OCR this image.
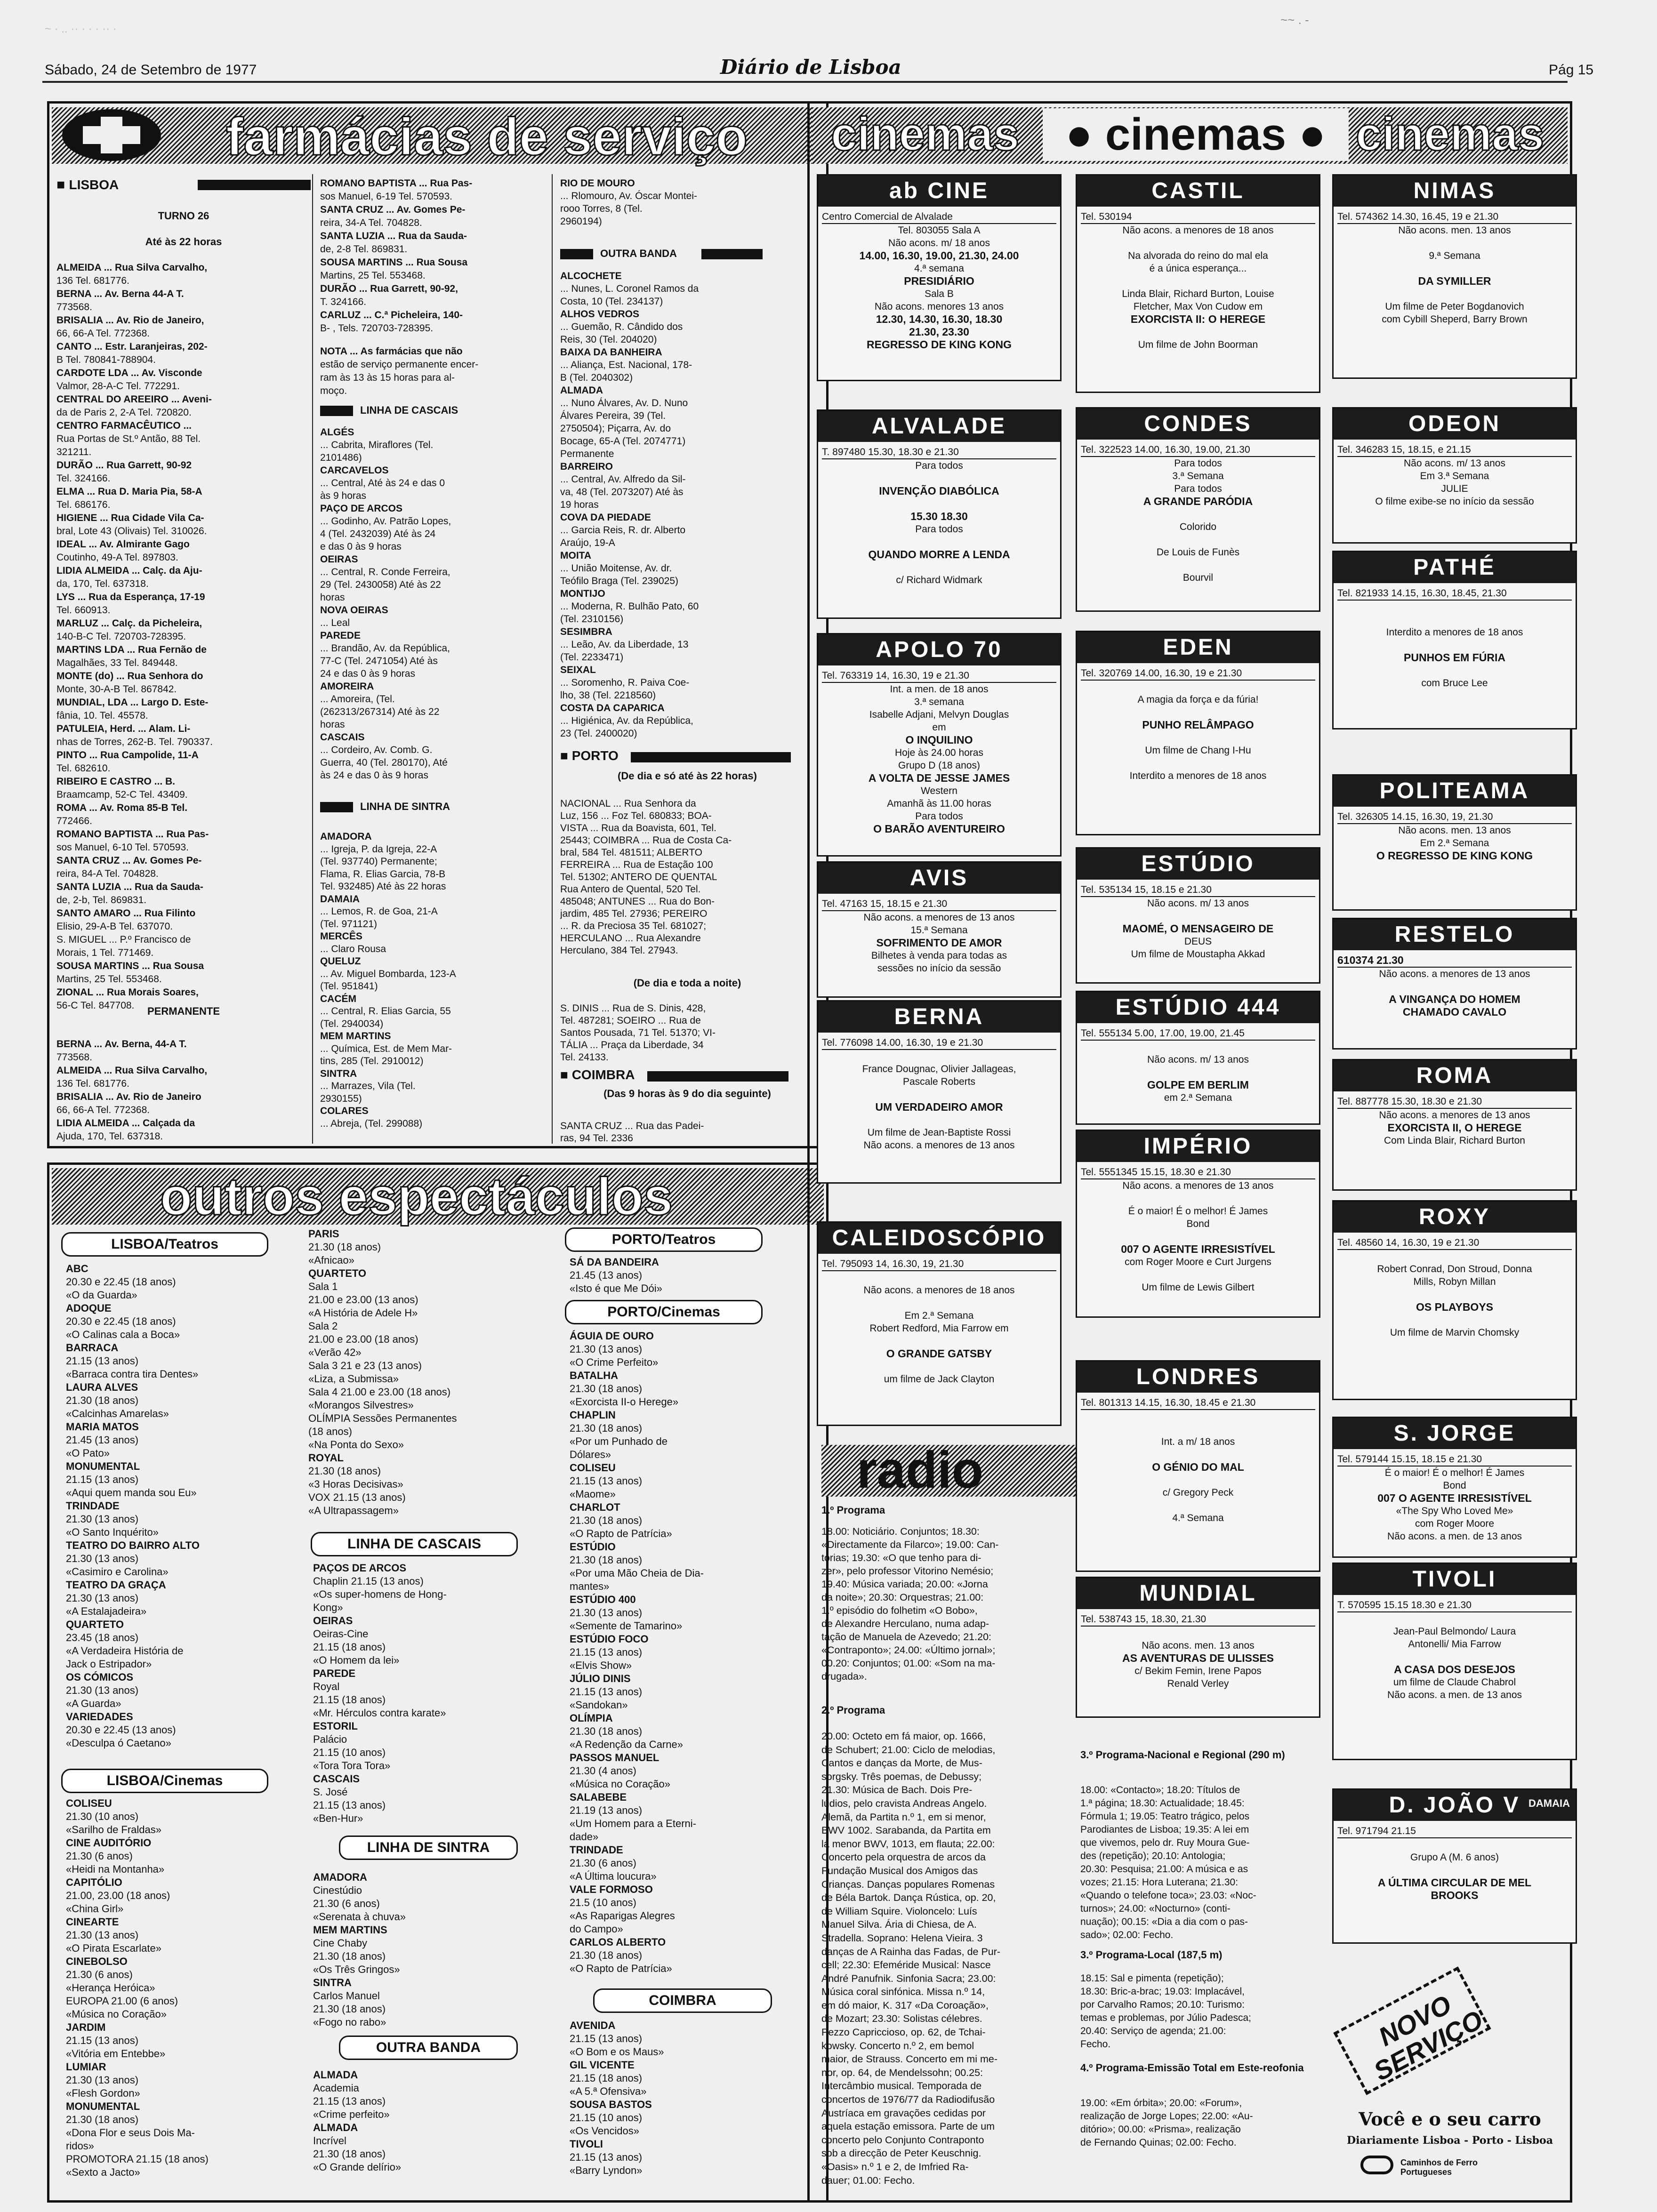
~ · .. ·· · · · ·· ·
~~ . -
Sábado, 24 de Setembro de 1977	Diário de Lisboa	Pág 15
farmácias de serviço
■ LISBOA
TURNO 26
Até às 22 horas
ALMEIDA ... Rua Silva Carvalho,
136 Tel. 681776.
BERNA ... Av. Berna 44-A T.
773568.
BRISALIA ... Av. Rio de Janeiro,
66, 66-A Tel. 772368.
CANTO ... Estr. Laranjeiras, 202-
B Tel. 780841-788904.
CARDOTE LDA ... Av. Visconde
Valmor, 28-A-C Tel. 772291.
CENTRAL DO AREEIRO ... Aveni-
da de Paris 2, 2-A Tel. 720820.
CENTRO FARMACÊUTICO ...
Rua Portas de St.º Antão, 88 Tel.
321211.
DURÃO ... Rua Garrett, 90-92
Tel. 324166.
ELMA ... Rua D. Maria Pia, 58-A
Tel. 686176.
HIGIENE ... Rua Cidade Vila Ca-
bral, Lote 43 (Olivais) Tel. 310026.
IDEAL ... Av. Almirante Gago
Coutinho, 49-A Tel. 897803.
LIDIA ALMEIDA ... Calç. da Aju-
da, 170, Tel. 637318.
LYS ... Rua da Esperança, 17-19
Tel. 660913.
MARLUZ ... Calç. da Picheleira,
140-B-C Tel. 720703-728395.
MARTINS LDA ... Rua Fernão de
Magalhães, 33 Tel. 849448.
MONTE (do) ... Rua Senhora do
Monte, 30-A-B Tel. 867842.
MUNDIAL, LDA ... Largo D. Este-
fânia, 10. Tel. 45578.
PATULEIA, Herd. ... Alam. Li-
nhas de Torres, 262-B. Tel. 790337.
PINTO ... Rua Campolide, 11-A
Tel. 682610.
RIBEIRO E CASTRO ... B.
Braamcamp, 52-C Tel. 43409.
ROMA ... Av. Roma 85-B Tel.
772466.
ROMANO BAPTISTA ... Rua Pas-
sos Manuel, 6-10 Tel. 570593.
SANTA CRUZ ... Av. Gomes Pe-
reira, 84-A Tel. 704828.
SANTA LUZIA ... Rua da Sauda-
de, 2-b, Tel. 869831.
SANTO AMARO ... Rua Filinto
Elisio, 29-A-B Tel. 637070.
S. MIGUEL ... P.º Francisco de
Morais, 1 Tel. 771469.
SOUSA MARTINS ... Rua Sousa
Martins, 25 Tel. 553468.
ZIONAL ... Rua Morais Soares,
56-C Tel. 847708.	PERMANENTE
BERNA ... Av. Berna, 44-A T.
773568.
ALMEIDA ... Rua Silva Carvalho,
136 Tel. 681776.
BRISALIA ... Av. Rio de Janeiro
66, 66-A Tel. 772368.
LIDIA ALMEIDA ... Calçada da
Ajuda, 170, Tel. 637318.
ROMANO BAPTISTA ... Rua Pas-
sos Manuel, 6-19 Tel. 570593.
SANTA CRUZ ... Av. Gomes Pe-
reira, 34-A Tel. 704828.
SANTA LUZIA ... Rua da Sauda-
de, 2-8 Tel. 869831.
SOUSA MARTINS ... Rua Sousa
Martins, 25 Tel. 553468.
DURÃO ... Rua Garrett, 90-92,
T. 324166.
CARLUZ ... C.ª Picheleira, 140-
B- , Tels. 720703-728395.
NOTA ... As farmácias que não
estão de serviço permanente encer-
ram às 13 às 15 horas para al-
moço.
LINHA DE CASCAIS
ALGÉS
... Cabrita, Miraflores (Tel.
2101486)
CARCAVELOS
... Central, Até às 24 e das 0
às 9 horas
PAÇO DE ARCOS
... Godinho, Av. Patrão Lopes,
4 (Tel. 2432039) Até às 24
e das 0 às 9 horas
OEIRAS
... Central, R. Conde Ferreira,
29 (Tel. 2430058) Até às 22
horas
NOVA OEIRAS
... Leal
PAREDE
... Brandão, Av. da República,
77-C (Tel. 2471054) Até às
24 e das 0 às 9 horas
AMOREIRA
... Amoreira, (Tel.
(262313/267314) Até às 22
horas
CASCAIS
... Cordeiro, Av. Comb. G.
Guerra, 40 (Tel. 280170), Até
às 24 e das 0 às 9 horas
LINHA DE SINTRA
AMADORA
... Igreja, P. da Igreja, 22-A
(Tel. 937740) Permanente;
Flama, R. Elias Garcia, 78-B
Tel. 932485) Até às 22 horas
DAMAIA
... Lemos, R. de Goa, 21-A
(Tel. 971121)
MERCÊS
... Claro Rousa
QUELUZ
... Av. Miguel Bombarda, 123-A
(Tel. 951841)
CACÉM
... Central, R. Elias Garcia, 55
(Tel. 2940034)
MEM MARTINS
... Química, Est. de Mem Mar-
tins, 285 (Tel. 2910012)
SINTRA
... Marrazes, Vila (Tel.
2930155)
COLARES
... Abreja, (Tel. 299088)
RIO DE MOURO
... Rlomouro, Av. Óscar Montei-
rooo Torres, 8 (Tel.
2960194)
OUTRA BANDA
ALCOCHETE
... Nunes, L. Coronel Ramos da
Costa, 10 (Tel. 234137)
ALHOS VEDROS
... Guemão, R. Cândido dos
Reis, 30 (Tel. 204020)
BAIXA DA BANHEIRA
... Aliança, Est. Nacional, 178-
B (Tel. 2040302)
ALMADA
... Nuno Álvares, Av. D. Nuno
Álvares Pereira, 39 (Tel.
2750504); Piçarra, Av. do
Bocage, 65-A (Tel. 2074771)
Permanente
BARREIRO
... Central, Av. Alfredo da Sil-
va, 48 (Tel. 2073207) Até às
19 horas
COVA DA PIEDADE
... Garcia Reis, R. dr. Alberto
Araújo, 19-A
MOITA
... União Moitense, Av. dr.
Teófilo Braga (Tel. 239025)
MONTIJO
... Moderna, R. Bulhão Pato, 60
(Tel. 2310156)
SESIMBRA
... Leão, Av. da Liberdade, 13
(Tel. 2233471)
SEIXAL
... Soromenho, R. Paiva Coe-
lho, 38 (Tel. 2218560)
COSTA DA CAPARICA
... Higiénica, Av. da República,
23 (Tel. 2400020)
■ PORTO
(De dia e só até às 22 horas)
NACIONAL ... Rua Senhora da
Luz, 156 ... Foz Tel. 680833; BOA-
VISTA ... Rua da Boavista, 601, Tel.
25443; COIMBRA ... Rua de Costa Ca-
bral, 584 Tel. 481511; ALBERTO
FERREIRA ... Rua de Estação 100
Tel. 51302; ANTERO DE QUENTAL
Rua Antero de Quental, 520 Tel.
485048; ANTUNES ... Rua do Bon-
jardim, 485 Tel. 27936; PEREIRO
... R. da Preciosa 35 Tel. 681027;
HERCULANO ... Rua Alexandre
Herculano, 384 Tel. 27943.
(De dia e toda a noite)
S. DINIS ... Rua de S. Dinis, 428,
Tel. 487281; SOEIRO ... Rua de
Santos Pousada, 71 Tel. 51370; VI-
TÁLIA ... Praça da Liberdade, 34
Tel. 24133.
■ COIMBRA
(Das 9 horas às 9 do dia seguinte)
SANTA CRUZ ... Rua das Padei-
ras, 94 Tel. 2336
outros espectáculos
LISBOA/Teatros
ABC
20.30 e 22.45 (18 anos)
«O da Guarda»
ADOQUE
20.30 e 22.45 (18 anos)
«O Calinas cala a Boca»
BARRACA
21.15 (13 anos)
«Barraca contra tira Dentes»
LAURA ALVES
21.30 (18 anos)
«Calcinhas Amarelas»
MARIA MATOS
21.45 (13 anos)
«O Pato»
MONUMENTAL
21.15 (13 anos)
«Aqui quem manda sou Eu»
TRINDADE
21.30 (13 anos)
«O Santo Inquérito»
TEATRO DO BAIRRO ALTO
21.30 (13 anos)
«Casimiro e Carolina»
TEATRO DA GRAÇA
21.30 (13 anos)
«A Estalajadeira»
QUARTETO
23.45 (18 anos)
«A Verdadeira História de
Jack o Estripador»
OS CÓMICOS
21.30 (13 anos)
«A Guarda»
VARIEDADES
20.30 e 22.45 (13 anos)
«Desculpa ó Caetano»
LISBOA/Cinemas
COLISEU
21.30 (10 anos)
«Sarilho de Fraldas»
CINE AUDITÓRIO
21.30 (6 anos)
«Heidi na Montanha»
CAPITÓLIO
21.00, 23.00 (18 anos)
«China Girl»
CINEARTE
21.30 (13 anos)
«O Pirata Escarlate»
CINEBOLSO
21.30 (6 anos)
«Herança Heróica»
EUROPA 21.00 (6 anos)
«Música no Coração»
JARDIM
21.15 (13 anos)
«Vitória em Entebbe»
LUMIAR
21.30 (13 anos)
«Flesh Gordon»
MONUMENTAL
21.30 (18 anos)
«Dona Flor e seus Dois Ma-
ridos»
PROMOTORA 21.15 (18 anos)
«Sexto a Jacto»
PARIS
21.30 (18 anos)
«Afnicao»
QUARTETO
Sala 1
21.00 e 23.00 (13 anos)
«A História de Adele H»
Sala 2
21.00 e 23.00 (18 anos)
«Verão 42»
Sala 3 21 e 23 (13 anos)
«Liza, a Submissa»
Sala 4 21.00 e 23.00 (18 anos)
«Morangos Silvestres»
OLÍMPIA Sessões Permanentes
(18 anos)
«Na Ponta do Sexo»
ROYAL
21.30 (18 anos)
«3 Horas Decisivas»
VOX 21.15 (13 anos)
«A Ultrapassagem»
LINHA DE CASCAIS
PAÇOS DE ARCOS
Chaplin 21.15 (13 anos)
«Os super-homens de Hong-
Kong»
OEIRAS
Oeiras-Cine
21.15 (18 anos)
«O Homem da lei»
PAREDE
Royal
21.15 (18 anos)
«Mr. Hérculos contra karate»
ESTORIL
Palácio
21.15 (10 anos)
«Tora Tora Tora»
CASCAIS
S. José
21.15 (13 anos)
«Ben-Hur»
LINHA DE SINTRA
AMADORA
Cinestúdio
21.30 (6 anos)
«Serenata à chuva»
MEM MARTINS
Cine Chaby
21.30 (18 anos)
«Os Três Gringos»
SINTRA
Carlos Manuel
21.30 (18 anos)
«Fogo no rabo»
OUTRA BANDA
ALMADA
Academia
21.15 (13 anos)
«Crime perfeito»
ALMADA
Incrível
21.30 (18 anos)
«O Grande delírio»
PORTO/Teatros
SÁ DA BANDEIRA
21.45 (13 anos)
«Isto é que Me Dói»
PORTO/Cinemas
ÁGUIA DE OURO
21.30 (13 anos)
«O Crime Perfeito»
BATALHA
21.30 (18 anos)
«Exorcista II-o Herege»
CHAPLIN
21.30 (18 anos)
«Por um Punhado de
Dólares»
COLISEU
21.15 (13 anos)
«Maome»
CHARLOT
21.30 (18 anos)
«O Rapto de Patrícia»
ESTÚDIO
21.30 (18 anos)
«Por uma Mão Cheia de Dia-
mantes»
ESTÚDIO 400
21.30 (13 anos)
«Semente de Tamarino»
ESTÚDIO FOCO
21.15 (13 anos)
«Elvis Show»
JÚLIO DINIS
21.15 (13 anos)
«Sandokan»
OLÍMPIA
21.30 (18 anos)
«A Redenção da Carne»
PASSOS MANUEL
21.30 (4 anos)
«Música no Coração»
SALABEBE
21.19 (13 anos)
«Um Homem para a Eterni-
dade»
TRINDADE
21.30 (6 anos)
«A Última loucura»
VALE FORMOSO
21.5 (10 anos)
«As Raparigas Alegres
do Campo»
CARLOS ALBERTO
21.30 (18 anos)
«O Rapto de Patrícia»
COIMBRA
AVENIDA
21.15 (13 anos)
«O Bom e os Maus»
GIL VICENTE
21.15 (18 anos)
«A 5.ª Ofensiva»
SOUSA BASTOS
21.15 (10 anos)
«Os Vencidos»
TIVOLI
21.15 (13 anos)
«Barry Lyndon»
cinemas	● cinemas ● cinemas
radio
1.º Programa
18.00: Noticiário. Conjuntos; 18.30:
«Directamente da Filarco»; 19.00: Can-
torias; 19.30: «O que tenho para di-
zer», pelo professor Vitorino Nemésio;
19.40: Música variada; 20.00: «Jorna
da noite»; 20.30: Orquestras; 21.00:
1.º episódio do folhetim «O Bobo»,
de Alexandre Herculano, numa adap-
tação de Manuela de Azevedo; 21.20:
«Contraponto»; 24.00: «Último jornal»;
00.20: Conjuntos; 01.00: «Som na ma-
drugada».
2.º Programa
20.00: Octeto em fá maior, op. 1666,
de Schubert; 21.00: Ciclo de melodias,
Cantos e danças da Morte, de Mus-
sorgsky. Três poemas, de Debussy;
21.30: Música de Bach. Dois Pre-
lúdios, pelo cravista Andreas Angelo.
Alemã, da Partita n.º 1, em si menor,
BWV 1002. Sarabanda, da Partita em
lá menor BWV, 1013, em flauta; 22.00:
Concerto pela orquestra de arcos da
Fundação Musical dos Amigos das
Crianças. Danças populares Romenas
de Béla Bartok. Dança Rústica, op. 20,
de William Squire. Violoncelo: Luís
Manuel Silva. Ária di Chiesa, de A.
Stradella. Soprano: Helena Vieira. 3
danças de A Rainha das Fadas, de Pur-
cell; 22.30: Efeméride Musical: Nasce
André Panufnik. Sinfonia Sacra; 23.00:
Música coral sinfónica. Missa n.º 14,
em dó maior, K. 317 «Da Coroação»,
de Mozart; 23.30: Solistas célebres.
Pezzo Capriccioso, op. 62, de Tchai-
kowsky. Concerto n.º 2, em bemol
maior, de Strauss. Concerto em mi me-
nor, op. 64, de Mendelssohn; 00.25:
Intercâmbio musical. Temporada de
concertos de 1976/77 da Radiodifusão
Austríaca em gravações cedidas por
aquela estação emissora. Parte de um
concerto pelo Conjunto Contraponto
sob a direcção de Peter Keuschnig.
«Oasis» n.º 1 e 2, de Imfried Ra-
dauer; 01.00: Fecho.
3.º Programa-Nacional e Regional (290 m)
18.00: «Contacto»; 18.20: Títulos de
1.ª página; 18.30: Actualidade; 18.45:
Fórmula 1; 19.05: Teatro trágico, pelos
Parodiantes de Lisboa; 19.35: A lei em
que vivemos, pelo dr. Ruy Moura Gue-
des (repetição); 20.10: Antologia;
20.30: Pesquisa; 21.00: A música e as
vozes; 21.15: Hora Luterana; 21.30:
«Quando o telefone toca»; 23.03: «Noc-
turnos»; 24.00: «Nocturno» (conti-
nuação); 00.15: «Dia a dia com o pas-
sado»; 02.00: Fecho.
3.º Programa-Local (187,5 m)
18.15: Sal e pimenta (repetição);
18.30: Bric-a-brac; 19.03: Implacável,
por Carvalho Ramos; 20.10: Turismo:
temas e problemas, por Júlio Padesca;
20.40: Serviço de agenda; 21.00:
Fecho.
4.º Programa-Emissão Total em Este-reofonia
19.00: «Em órbita»; 20.00: «Forum»,
realização de Jorge Lopes; 22.00: «Au-
ditório»; 00.00: «Prisma», realização
de Fernando Quinas; 02.00: Fecho.
NOVO SERVIÇO
Você e o seu carro
Diariamente Lisboa - Porto - Lisboa
Caminhos de Ferro Portugueses
ab CINE
Centro Comercial de Alvalade
Tel. 803055 Sala A
Não acons. m/ 18 anos
14.00, 16.30, 19.00, 21.30, 24.00
4.ª semana
PRESIDIÁRIO
Sala B
Não acons. menores 13 anos
12.30, 14.30, 16.30, 18.30
21.30, 23.30
REGRESSO DE KING KONG
ALVALADE
T. 897480 15.30, 18.30 e 21.30
Para todos
INVENÇÃO DIABÓLICA
15.30 18.30
Para todos
QUANDO MORRE A LENDA
c/ Richard Widmark
APOLO 70
Tel. 763319 14, 16.30, 19 e 21.30
Int. a men. de 18 anos
3.ª semana
Isabelle Adjani, Melvyn Douglas
em
O INQUILINO
Hoje às 24.00 horas
Grupo D (18 anos)
A VOLTA DE JESSE JAMES
Western
Amanhã às 11.00 horas
Para todos
O BARÃO AVENTUREIRO
AVIS
Tel. 47163 15, 18.15 e 21.30
Não acons. a menores de 13 anos
15.ª Semana
SOFRIMENTO DE AMOR
Bilhetes à venda para todas as
sessões no início da sessão
BERNA
Tel. 776098 14.00, 16.30, 19 e 21.30
France Dougnac, Olivier Jallageas,
Pascale Roberts
UM VERDADEIRO AMOR
Um filme de Jean-Baptiste Rossi
Não acons. a menores de 13 anos
CALEIDOSCÓPIO
Tel. 795093 14, 16.30, 19, 21.30
Não acons. a menores de 18 anos
Em 2.ª Semana
Robert Redford, Mia Farrow em
O GRANDE GATSBY
um filme de Jack Clayton
CASTIL
Tel. 530194
Não acons. a menores de 18 anos
Na alvorada do reino do mal ela
é a única esperança...
Linda Blair, Richard Burton, Louise
Fletcher, Max Von Cudow em
EXORCISTA II: O HEREGE
Um filme de John Boorman
CONDES
Tel. 322523 14.00, 16.30, 19.00, 21.30
Para todos
3.ª Semana
Para todos
A GRANDE PARÓDIA
Colorido
De Louis de Funès
Bourvil
EDEN
Tel. 320769 14.00, 16.30, 19 e 21.30
A magia da força e da fúria!
PUNHO RELÂMPAGO
Um filme de Chang I-Hu
Interdito a menores de 18 anos
ESTÚDIO
Tel. 535134 15, 18.15 e 21.30
Não acons. m/ 13 anos
MAOMÉ, O MENSAGEIRO DE
DEUS
Um filme de Moustapha Akkad
ESTÚDIO 444
Tel. 555134 5.00, 17.00, 19.00, 21.45
Não acons. m/ 13 anos
GOLPE EM BERLIM
em 2.ª Semana
IMPÉRIO
Tel. 5551345 15.15, 18.30 e 21.30
Não acons. a menores de 13 anos
É o maior! É o melhor! É James
Bond
007 O AGENTE IRRESISTÍVEL
com Roger Moore e Curt Jurgens
Um filme de Lewis Gilbert
LONDRES
Tel. 801313 14.15, 16.30, 18.45 e 21.30
Int. a m/ 18 anos
O GÉNIO DO MAL
c/ Gregory Peck
4.ª Semana
MUNDIAL
Tel. 538743 15, 18.30, 21.30
Não acons. men. 13 anos
AS AVENTURAS DE ULISSES
c/ Bekim Femin, Irene Papos
Renald Verley
NIMAS
Tel. 574362 14.30, 16.45, 19 e 21.30
Não acons. men. 13 anos
9.ª Semana
DA SYMILLER
Um filme de Peter Bogdanovich
com Cybill Sheperd, Barry Brown
ODEON
Tel. 346283 15, 18.15, e 21.15
Não acons. m/ 13 anos
Em 3.ª Semana
JULIE
O filme exibe-se no início da sessão
PATHÉ
Tel. 821933 14.15, 16.30, 18.45, 21.30
Interdito a menores de 18 anos
PUNHOS EM FÚRIA
com Bruce Lee
POLITEAMA
Tel. 326305 14.15, 16.30, 19, 21.30
Não acons. men. 13 anos
Em 2.ª Semana
O REGRESSO DE KING KONG
RESTELO
610374 21.30
Não acons. a menores de 13 anos
A VINGANÇA DO HOMEM
CHAMADO CAVALO
ROMA
Tel. 887778 15.30, 18.30 e 21.30
Não acons. a menores de 13 anos
EXORCISTA II, O HEREGE
Com Linda Blair, Richard Burton
ROXY
Tel. 48560 14, 16.30, 19 e 21.30
Robert Conrad, Don Stroud, Donna
Mills, Robyn Millan
OS PLAYBOYS
Um filme de Marvin Chomsky
S. JORGE
Tel. 579144 15.15, 18.15 e 21.30
É o maior! É o melhor! É James
Bond
007 O AGENTE IRRESISTÍVEL
«The Spy Who Loved Me»
com Roger Moore
Não acons. a men. de 13 anos
TIVOLI
T. 570595 15.15 18.30 e 21.30
Jean-Paul Belmondo/ Laura
Antonelli/ Mia Farrow
A CASA DOS DESEJOS
um filme de Claude Chabrol
Não acons. a men. de 13 anos
D. JOÃO V DAMAIA
Tel. 971794 21.15
Grupo A (M. 6 anos)
A ÚLTIMA CIRCULAR DE MEL
BROOKS
